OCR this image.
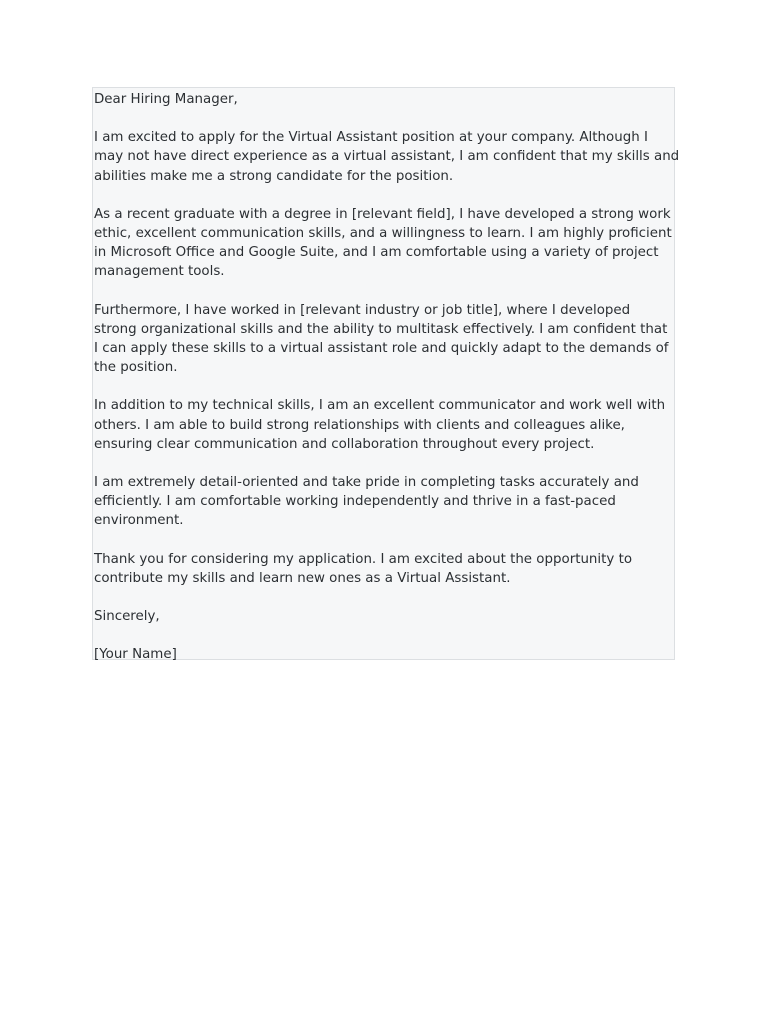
Dear Hiring Manager,

I am excited to apply for the Virtual Assistant position at your company. Although I
may not have direct experience as a virtual assistant, I am confident that my skills and
abilities make me a strong candidate for the position.

As a recent graduate with a degree in [relevant field], I have developed a strong work
ethic, excellent communication skills, and a willingness to learn. I am highly proficient
in Microsoft Office and Google Suite, and I am comfortable using a variety of project
management tools.

Furthermore, I have worked in [relevant industry or job title], where I developed
strong organizational skills and the ability to multitask effectively. I am confident that
I can apply these skills to a virtual assistant role and quickly adapt to the demands of
the position.

In addition to my technical skills, I am an excellent communicator and work well with
others. I am able to build strong relationships with clients and colleagues alike,
ensuring clear communication and collaboration throughout every project.

I am extremely detail-oriented and take pride in completing tasks accurately and
efficiently. I am comfortable working independently and thrive in a fast-paced
environment.

Thank you for considering my application. I am excited about the opportunity to
contribute my skills and learn new ones as a Virtual Assistant.

Sincerely,

[Your Name]
